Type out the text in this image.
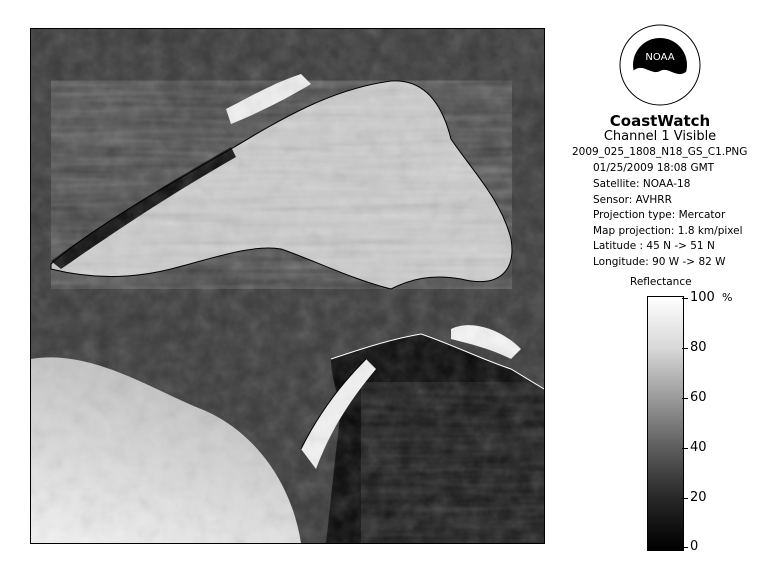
NOAA
CoastWatch
Channel 1 Visible
2009_025_1808_N18_GS_C1.PNG
01/25/2009 18:08 GMT
Satellite: NOAA-18
Sensor: AVHRR
Projection type: Mercator
Map projection: 1.8 km/pixel
Latitude : 45 N -> 51 N
Longitude: 90 W -> 82 W
Reflectance
%
100
80
60
40
20
0
